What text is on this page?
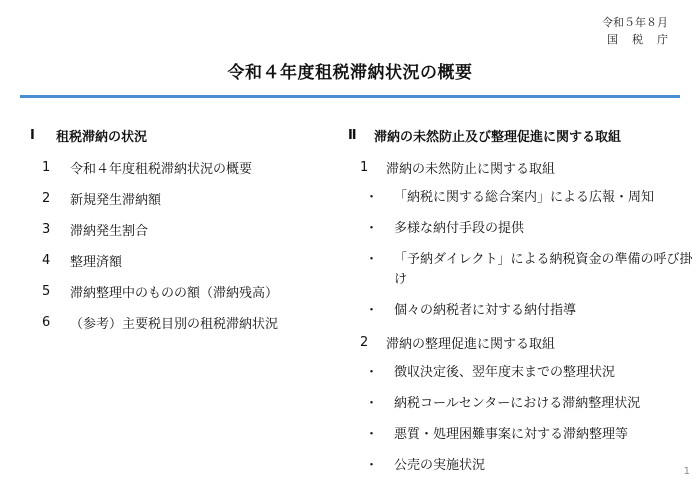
令和５年８月
国税庁
令和４年度租税滞納状況の概要
Ⅰ	租税滞納の状況
1	令和４年度租税滞納状況の概要
2	新規発生滞納額
3	滞納発生割合
4	整理済額
5	滞納整理中のものの額（滞納残高）
6	（参考）主要税目別の租税滞納状況
Ⅱ	滞納の未然防止及び整理促進に関する取組
1	滞納の未然防止に関する取組
・	「納税に関する総合案内」による広報・周知
・	多様な納付手段の提供
・	「予納ダイレクト」による納税資金の準備の呼び掛け
・	個々の納税者に対する納付指導
2	滞納の整理促進に関する取組
・	徴収決定後、翌年度末までの整理状況
・	納税コールセンターにおける滞納整理状況
・	悪質・処理困難事案に対する滞納整理等
・	公売の実施状況	1
